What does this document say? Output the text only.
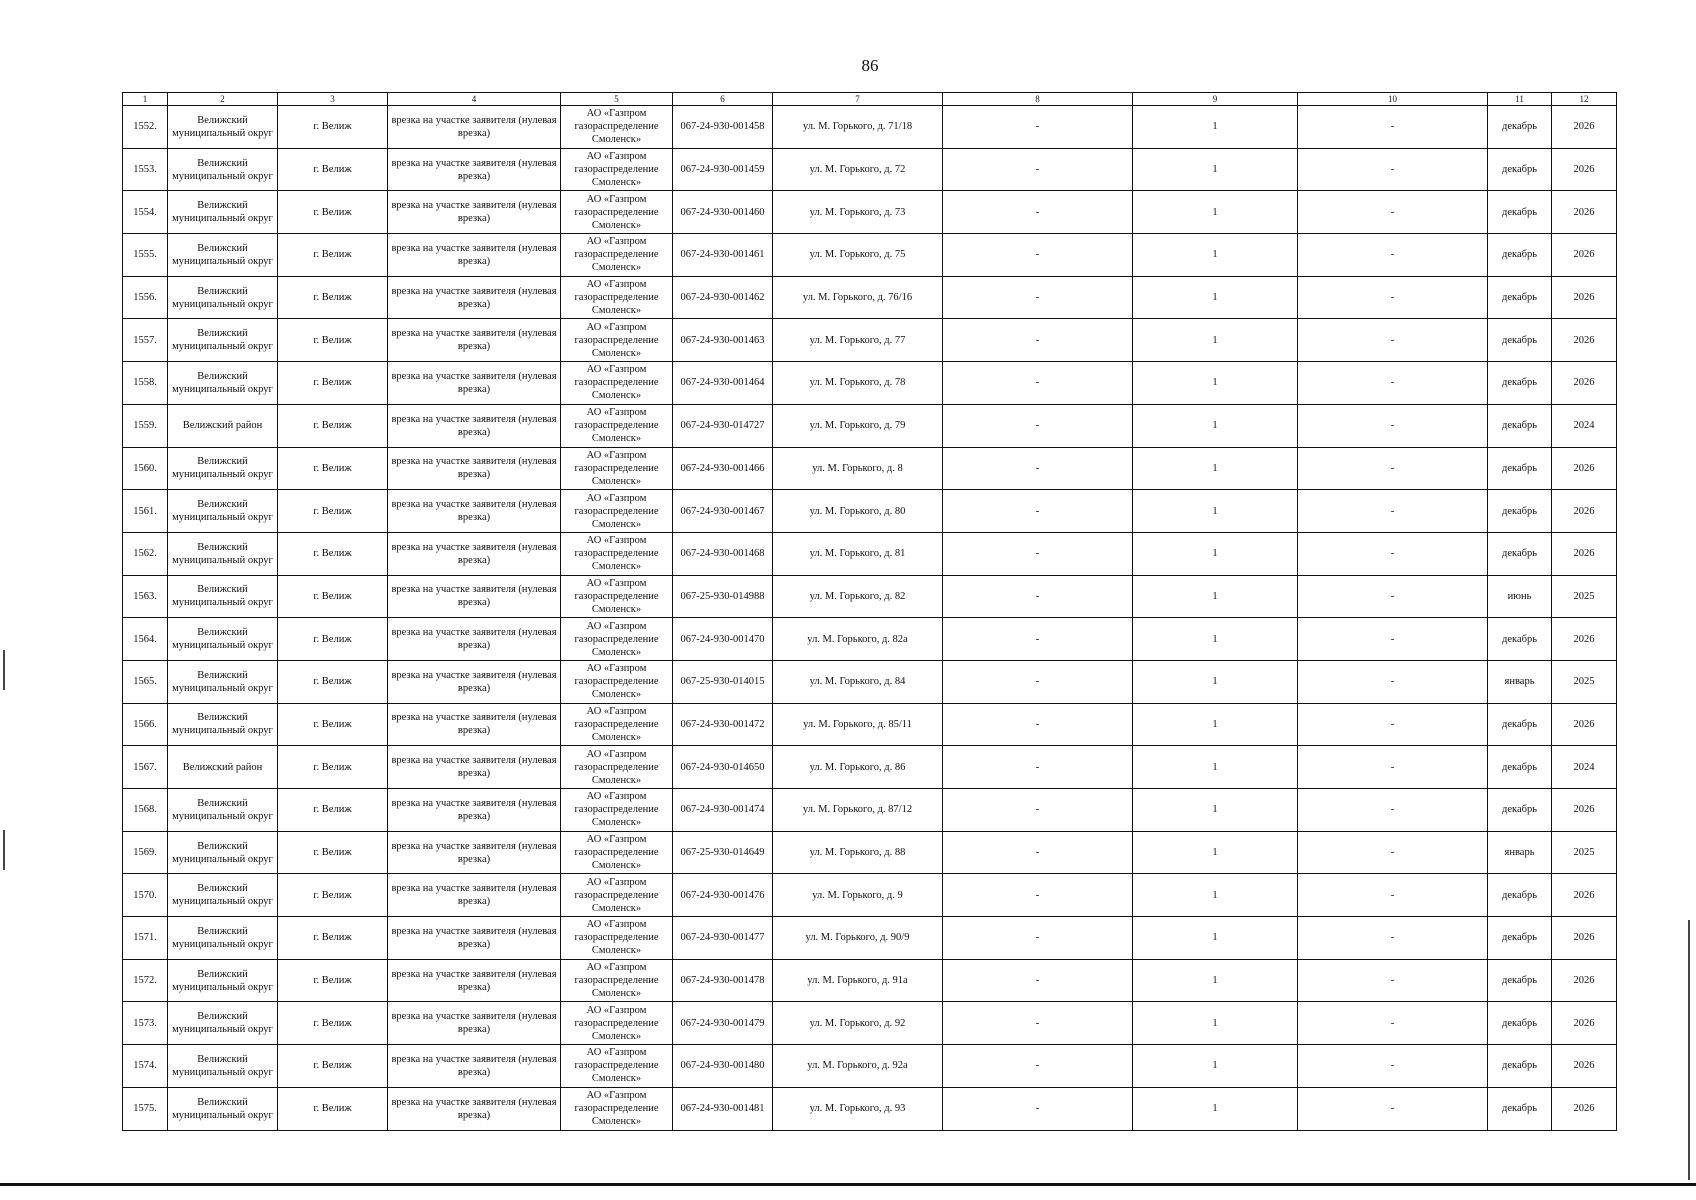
86
1	2	3	4	5	6	7	8	9	10	11	12
1552.	Велижский муниципальный округ	г. Велиж	врезка на участке заявителя (нулевая врезка)	АО «Газпром газораспределение Смоленск»	067-24-930-001458	ул. М. Горького, д. 71/18	-	1	-	декабрь	2026
1553.	Велижский муниципальный округ	г. Велиж	врезка на участке заявителя (нулевая врезка)	АО «Газпром газораспределение Смоленск»	067-24-930-001459	ул. М. Горького, д. 72	-	1	-	декабрь	2026
1554.	Велижский муниципальный округ	г. Велиж	врезка на участке заявителя (нулевая врезка)	АО «Газпром газораспределение Смоленск»	067-24-930-001460	ул. М. Горького, д. 73	-	1	-	декабрь	2026
1555.	Велижский муниципальный округ	г. Велиж	врезка на участке заявителя (нулевая врезка)	АО «Газпром газораспределение Смоленск»	067-24-930-001461	ул. М. Горького, д. 75	-	1	-	декабрь	2026
1556.	Велижский муниципальный округ	г. Велиж	врезка на участке заявителя (нулевая врезка)	АО «Газпром газораспределение Смоленск»	067-24-930-001462	ул. М. Горького, д. 76/16	-	1	-	декабрь	2026
1557.	Велижский муниципальный округ	г. Велиж	врезка на участке заявителя (нулевая врезка)	АО «Газпром газораспределение Смоленск»	067-24-930-001463	ул. М. Горького, д. 77	-	1	-	декабрь	2026
1558.	Велижский муниципальный округ	г. Велиж	врезка на участке заявителя (нулевая врезка)	АО «Газпром газораспределение Смоленск»	067-24-930-001464	ул. М. Горького, д. 78	-	1	-	декабрь	2026
1559.	Велижский район	г. Велиж	врезка на участке заявителя (нулевая врезка)	АО «Газпром газораспределение Смоленск»	067-24-930-014727	ул. М. Горького, д. 79	-	1	-	декабрь	2024
1560.	Велижский муниципальный округ	г. Велиж	врезка на участке заявителя (нулевая врезка)	АО «Газпром газораспределение Смоленск»	067-24-930-001466	ул. М. Горького, д. 8	-	1	-	декабрь	2026
1561.	Велижский муниципальный округ	г. Велиж	врезка на участке заявителя (нулевая врезка)	АО «Газпром газораспределение Смоленск»	067-24-930-001467	ул. М. Горького, д. 80	-	1	-	декабрь	2026
1562.	Велижский муниципальный округ	г. Велиж	врезка на участке заявителя (нулевая врезка)	АО «Газпром газораспределение Смоленск»	067-24-930-001468	ул. М. Горького, д. 81	-	1	-	декабрь	2026
1563.	Велижский муниципальный округ	г. Велиж	врезка на участке заявителя (нулевая врезка)	АО «Газпром газораспределение Смоленск»	067-25-930-014988	ул. М. Горького, д. 82	-	1	-	июнь	2025
1564.	Велижский муниципальный округ	г. Велиж	врезка на участке заявителя (нулевая врезка)	АО «Газпром газораспределение Смоленск»	067-24-930-001470	ул. М. Горького, д. 82а	-	1	-	декабрь	2026
1565.	Велижский муниципальный округ	г. Велиж	врезка на участке заявителя (нулевая врезка)	АО «Газпром газораспределение Смоленск»	067-25-930-014015	ул. М. Горького, д. 84	-	1	-	январь	2025
1566.	Велижский муниципальный округ	г. Велиж	врезка на участке заявителя (нулевая врезка)	АО «Газпром газораспределение Смоленск»	067-24-930-001472	ул. М. Горького, д. 85/11	-	1	-	декабрь	2026
1567.	Велижский район	г. Велиж	врезка на участке заявителя (нулевая врезка)	АО «Газпром газораспределение Смоленск»	067-24-930-014650	ул. М. Горького, д. 86	-	1	-	декабрь	2024
1568.	Велижский муниципальный округ	г. Велиж	врезка на участке заявителя (нулевая врезка)	АО «Газпром газораспределение Смоленск»	067-24-930-001474	ул. М. Горького, д. 87/12	-	1	-	декабрь	2026
1569.	Велижский муниципальный округ	г. Велиж	врезка на участке заявителя (нулевая врезка)	АО «Газпром газораспределение Смоленск»	067-25-930-014649	ул. М. Горького, д. 88	-	1	-	январь	2025
1570.	Велижский муниципальный округ	г. Велиж	врезка на участке заявителя (нулевая врезка)	АО «Газпром газораспределение Смоленск»	067-24-930-001476	ул. М. Горького, д. 9	-	1	-	декабрь	2026
1571.	Велижский муниципальный округ	г. Велиж	врезка на участке заявителя (нулевая врезка)	АО «Газпром газораспределение Смоленск»	067-24-930-001477	ул. М. Горького, д. 90/9	-	1	-	декабрь	2026
1572.	Велижский муниципальный округ	г. Велиж	врезка на участке заявителя (нулевая врезка)	АО «Газпром газораспределение Смоленск»	067-24-930-001478	ул. М. Горького, д. 91а	-	1	-	декабрь	2026
1573.	Велижский муниципальный округ	г. Велиж	врезка на участке заявителя (нулевая врезка)	АО «Газпром газораспределение Смоленск»	067-24-930-001479	ул. М. Горького, д. 92	-	1	-	декабрь	2026
1574.	Велижский муниципальный округ	г. Велиж	врезка на участке заявителя (нулевая врезка)	АО «Газпром газораспределение Смоленск»	067-24-930-001480	ул. М. Горького, д. 92а	-	1	-	декабрь	2026
1575.	Велижский муниципальный округ	г. Велиж	врезка на участке заявителя (нулевая врезка)	АО «Газпром газораспределение Смоленск»	067-24-930-001481	ул. М. Горького, д. 93	-	1	-	декабрь	2026
